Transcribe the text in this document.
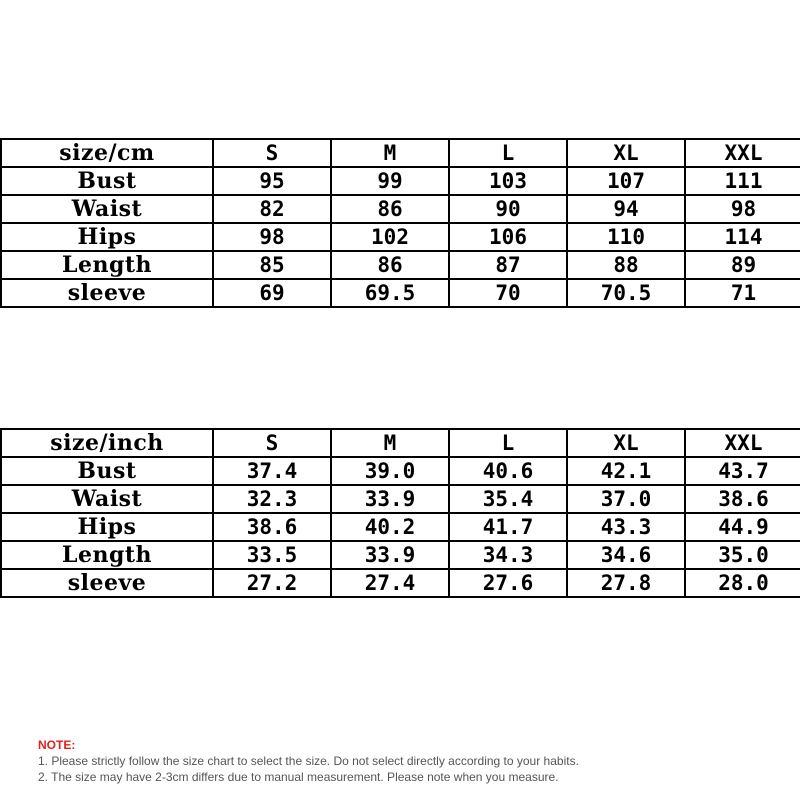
size/cm	S	M	L	XL	XXL
Bust	95	99	103	107	111
Waist	82	86	90	94	98
Hips	98	102	106	110	114
Length	85	86	87	88	89
sleeve	69	69.5	70	70.5	71
size/inch	S	M	L	XL	XXL
Bust	37.4	39.0	40.6	42.1	43.7
Waist	32.3	33.9	35.4	37.0	38.6
Hips	38.6	40.2	41.7	43.3	44.9
Length	33.5	33.9	34.3	34.6	35.0
sleeve	27.2	27.4	27.6	27.8	28.0
NOTE:
1. Please strictly follow the size chart to select the size. Do not select directly according to your habits.
2. The size may have 2-3cm differs due to manual measurement. Please note when you measure.
